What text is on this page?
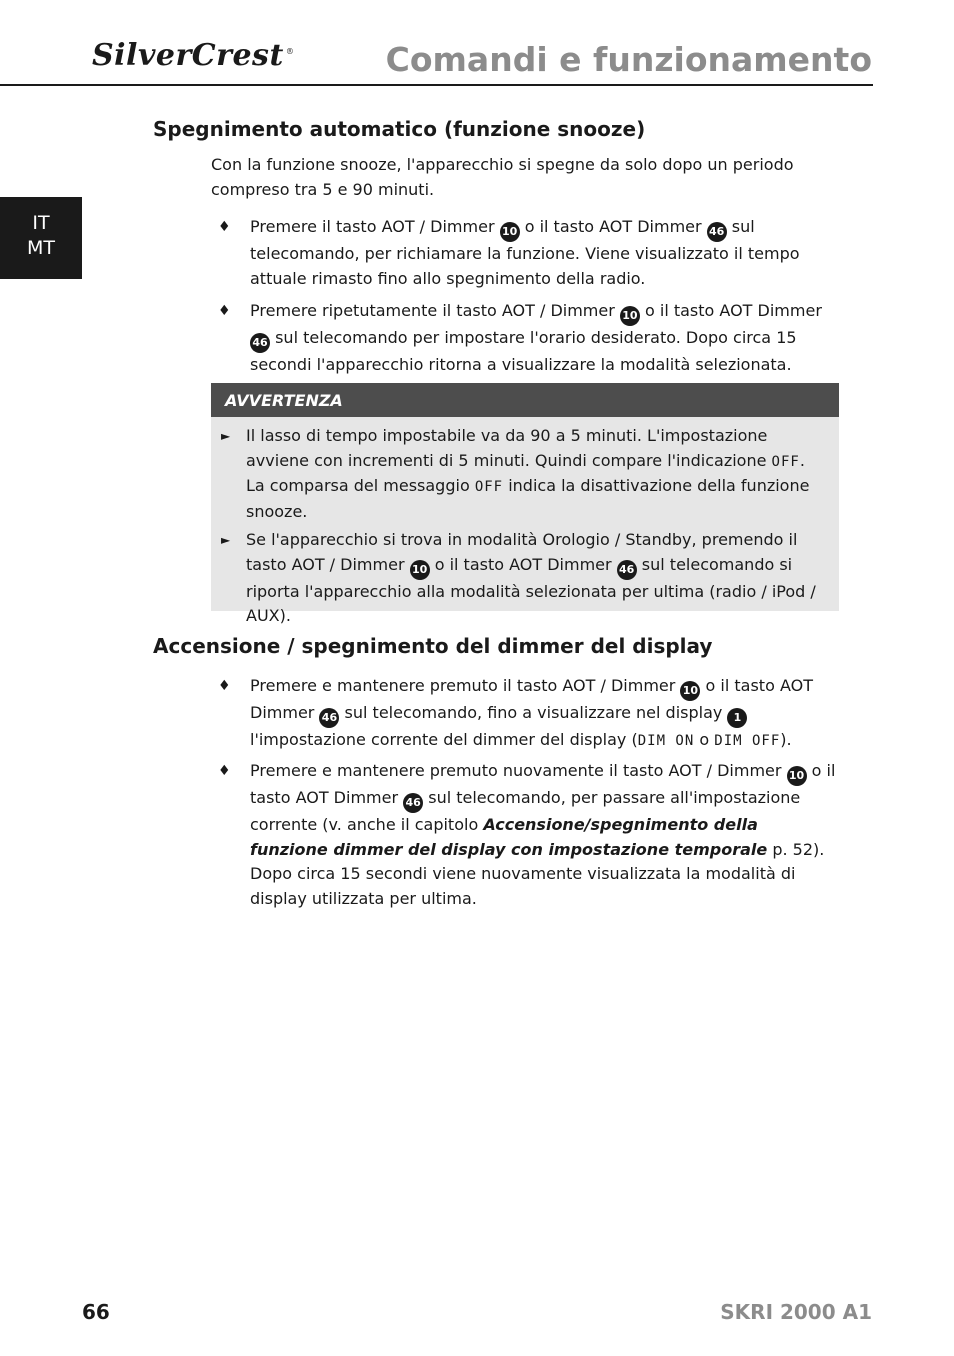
SilverCrest ®	Comandi e funzionamento
IT
MT
Spegnimento automatico (funzione snooze)

Con la funzione snooze, l'apparecchio si spegne da solo dopo un periodo compreso tra 5 e 90 minuti.

♦ Premere il tasto AOT / Dimmer 10 o il tasto AOT Dimmer 46 sul telecomando, per richiamare la funzione. Viene visualizzato il tempo attuale rimasto fino allo spegnimento della radio.
♦ Premere ripetutamente il tasto AOT / Dimmer 10 o il tasto AOT Dimmer 46 sul telecomando per impostare l'orario desiderato. Dopo circa 15 secondi l'apparecchio ritorna a visualizzare la modalità selezionata.
AVVERTENZA
► Il lasso di tempo impostabile va da 90 a 5 minuti. L'impostazione avviene con incrementi di 5 minuti. Quindi compare l'indicazione OFF.
La comparsa del messaggio OFF indica la disattivazione della funzione snooze.
► Se l'apparecchio si trova in modalità Orologio / Standby, premendo il tasto AOT / Dimmer 10 o il tasto AOT Dimmer 46 sul telecomando si riporta l'apparecchio alla modalità selezionata per ultima (radio / iPod / AUX).
Accensione / spegnimento del dimmer del display
♦ Premere e mantenere premuto il tasto AOT / Dimmer 10 o il tasto AOT Dimmer 46 sul telecomando, fino a visualizzare nel display 1 l'impostazione corrente del dimmer del display (DIM ON o DIM OFF).
♦ Premere e mantenere premuto nuovamente il tasto AOT / Dimmer 10 o il tasto AOT Dimmer 46 sul telecomando, per passare all'impostazione corrente (v. anche il capitolo Accensione/spegnimento della funzione dimmer del display con impostazione temporale p. 52). Dopo circa 15 secondi viene nuovamente visualizzata la modalità di display utilizzata per ultima.
66	SKRI 2000 A1
